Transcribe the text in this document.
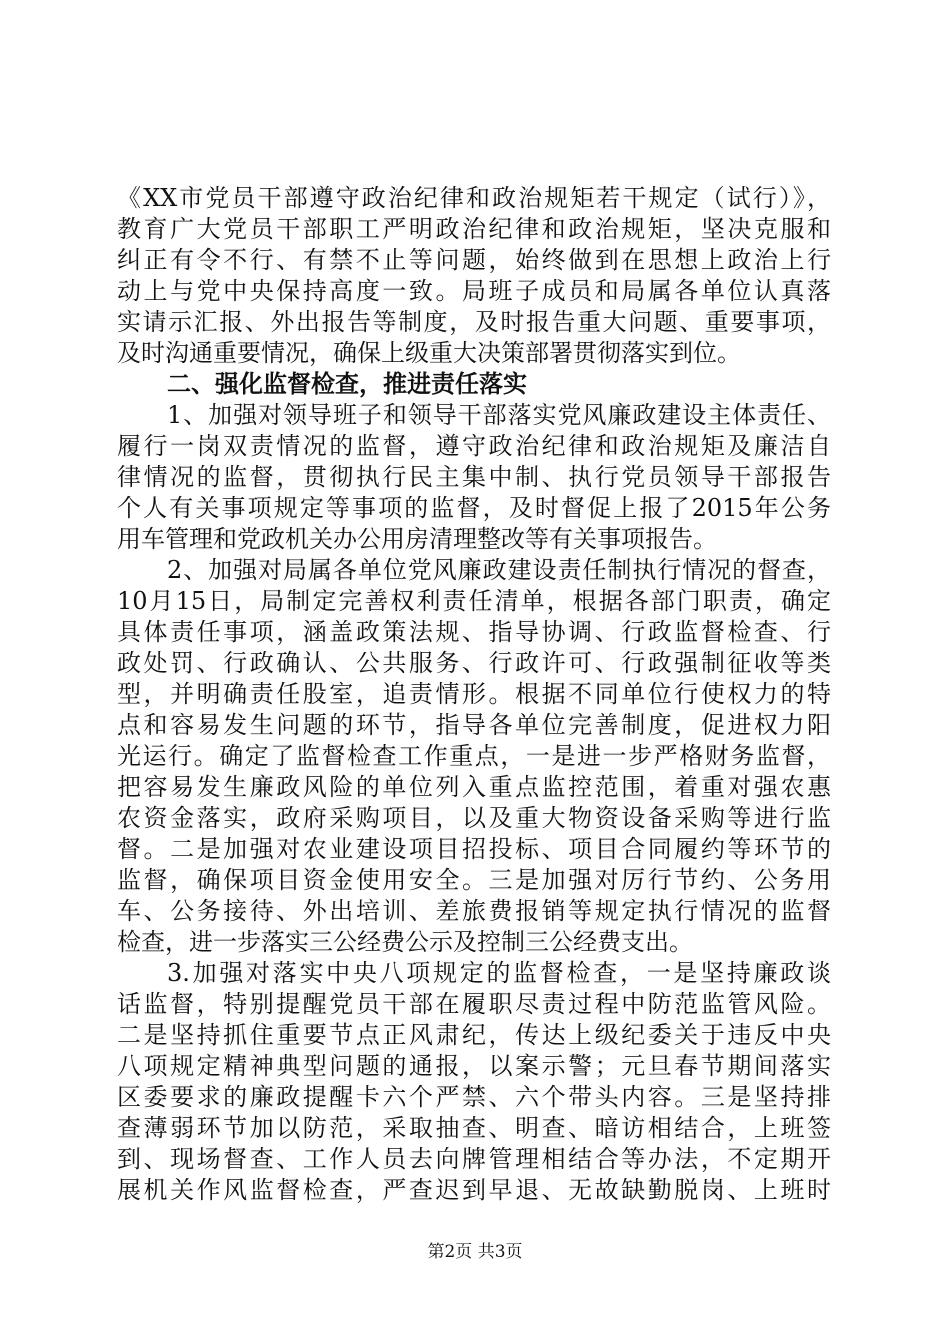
《XX市党员干部遵守政治纪律和政治规矩若干规定（试行）》，
教育广大党员干部职工严明政治纪律和政治规矩，坚决克服和
纠正有令不行、有禁不止等问题，始终做到在思想上政治上行
动上与党中央保持高度一致。局班子成员和局属各单位认真落
实请示汇报、外出报告等制度，及时报告重大问题、重要事项，
及时沟通重要情况，确保上级重大决策部署贯彻落实到位。
二、强化监督检查，推进责任落实
1、加强对领导班子和领导干部落实党风廉政建设主体责任、
履行一岗双责情况的监督，遵守政治纪律和政治规矩及廉洁自
律情况的监督，贯彻执行民主集中制、执行党员领导干部报告
个人有关事项规定等事项的监督，及时督促上报了2015年公务
用车管理和党政机关办公用房清理整改等有关事项报告。
2、加强对局属各单位党风廉政建设责任制执行情况的督查，
10月15日，局制定完善权利责任清单，根据各部门职责，确定
具体责任事项，涵盖政策法规、指导协调、行政监督检查、行
政处罚、行政确认、公共服务、行政许可、行政强制征收等类
型，并明确责任股室，追责情形。根据不同单位行使权力的特
点和容易发生问题的环节，指导各单位完善制度，促进权力阳
光运行。确定了监督检查工作重点，一是进一步严格财务监督，
把容易发生廉政风险的单位列入重点监控范围，着重对强农惠
农资金落实，政府采购项目，以及重大物资设备采购等进行监
督。二是加强对农业建设项目招投标、项目合同履约等环节的
监督，确保项目资金使用安全。三是加强对厉行节约、公务用
车、公务接待、外出培训、差旅费报销等规定执行情况的监督
检查，进一步落实三公经费公示及控制三公经费支出。
3.加强对落实中央八项规定的监督检查，一是坚持廉政谈
话监督，特别提醒党员干部在履职尽责过程中防范监管风险。
二是坚持抓住重要节点正风肃纪，传达上级纪委关于违反中央
八项规定精神典型问题的通报，以案示警；元旦春节期间落实
区委要求的廉政提醒卡六个严禁、六个带头内容。三是坚持排
查薄弱环节加以防范，采取抽查、明查、暗访相结合，上班签
到、现场督查、工作人员去向牌管理相结合等办法，不定期开
展机关作风监督检查，严查迟到早退、无故缺勤脱岗、上班时
第2页 共3页
